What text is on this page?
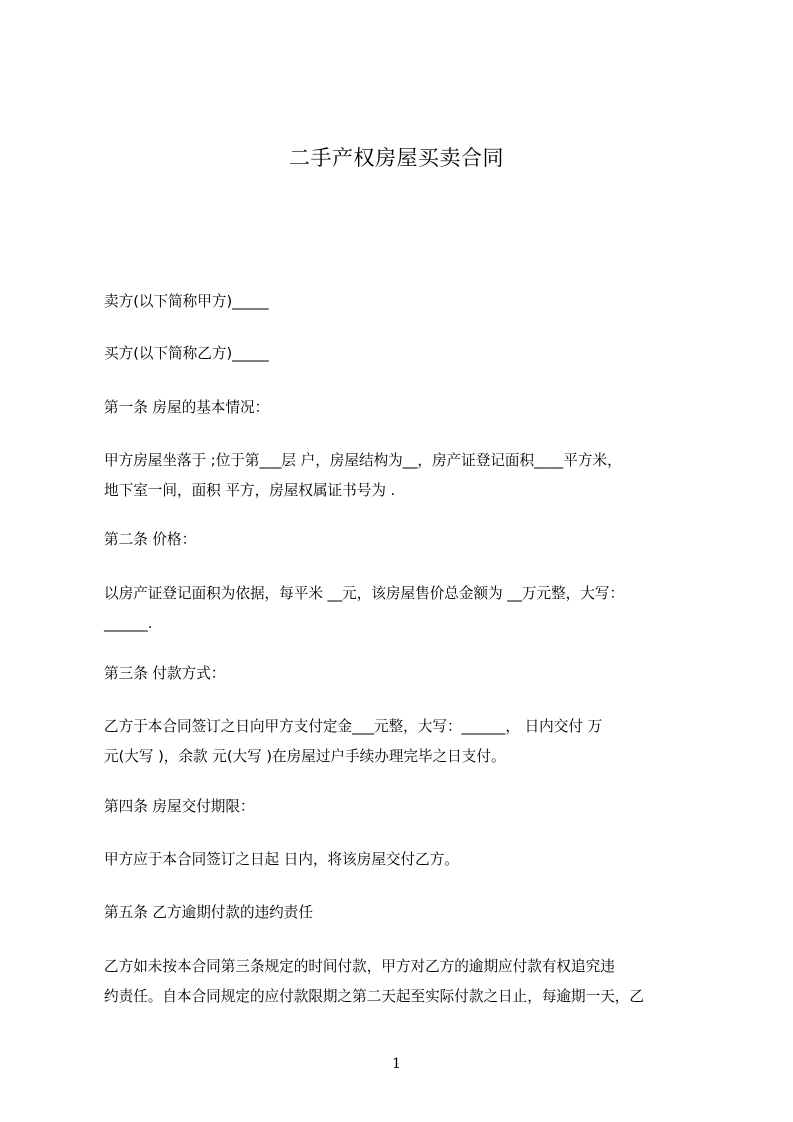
二手产权房屋买卖合同
卖方(以下简称甲方)_____
买方(以下简称乙方)_____
第一条 房屋的基本情况：
甲方房屋坐落于 ;位于第___层 户，房屋结构为__，房产证登记面积____平方米，
地下室一间，面积 平方，房屋权属证书号为 .
第二条 价格：
以房产证登记面积为依据，每平米 __元，该房屋售价总金额为 __万元整，大写：
______.
第三条 付款方式：
乙方于本合同签订之日向甲方支付定金___元整，大写：______， 日内交付 万
元(大写 )，余款 元(大写 )在房屋过户手续办理完毕之日支付。
第四条 房屋交付期限：
甲方应于本合同签订之日起 日内，将该房屋交付乙方。
第五条 乙方逾期付款的违约责任
乙方如未按本合同第三条规定的时间付款，甲方对乙方的逾期应付款有权追究违
约责任。自本合同规定的应付款限期之第二天起至实际付款之日止，每逾期一天，乙
1
